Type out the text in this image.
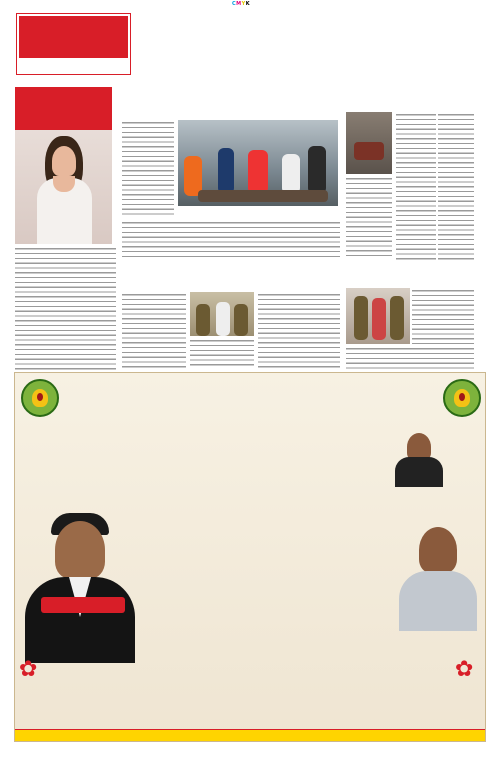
CMYK
✿	✿
